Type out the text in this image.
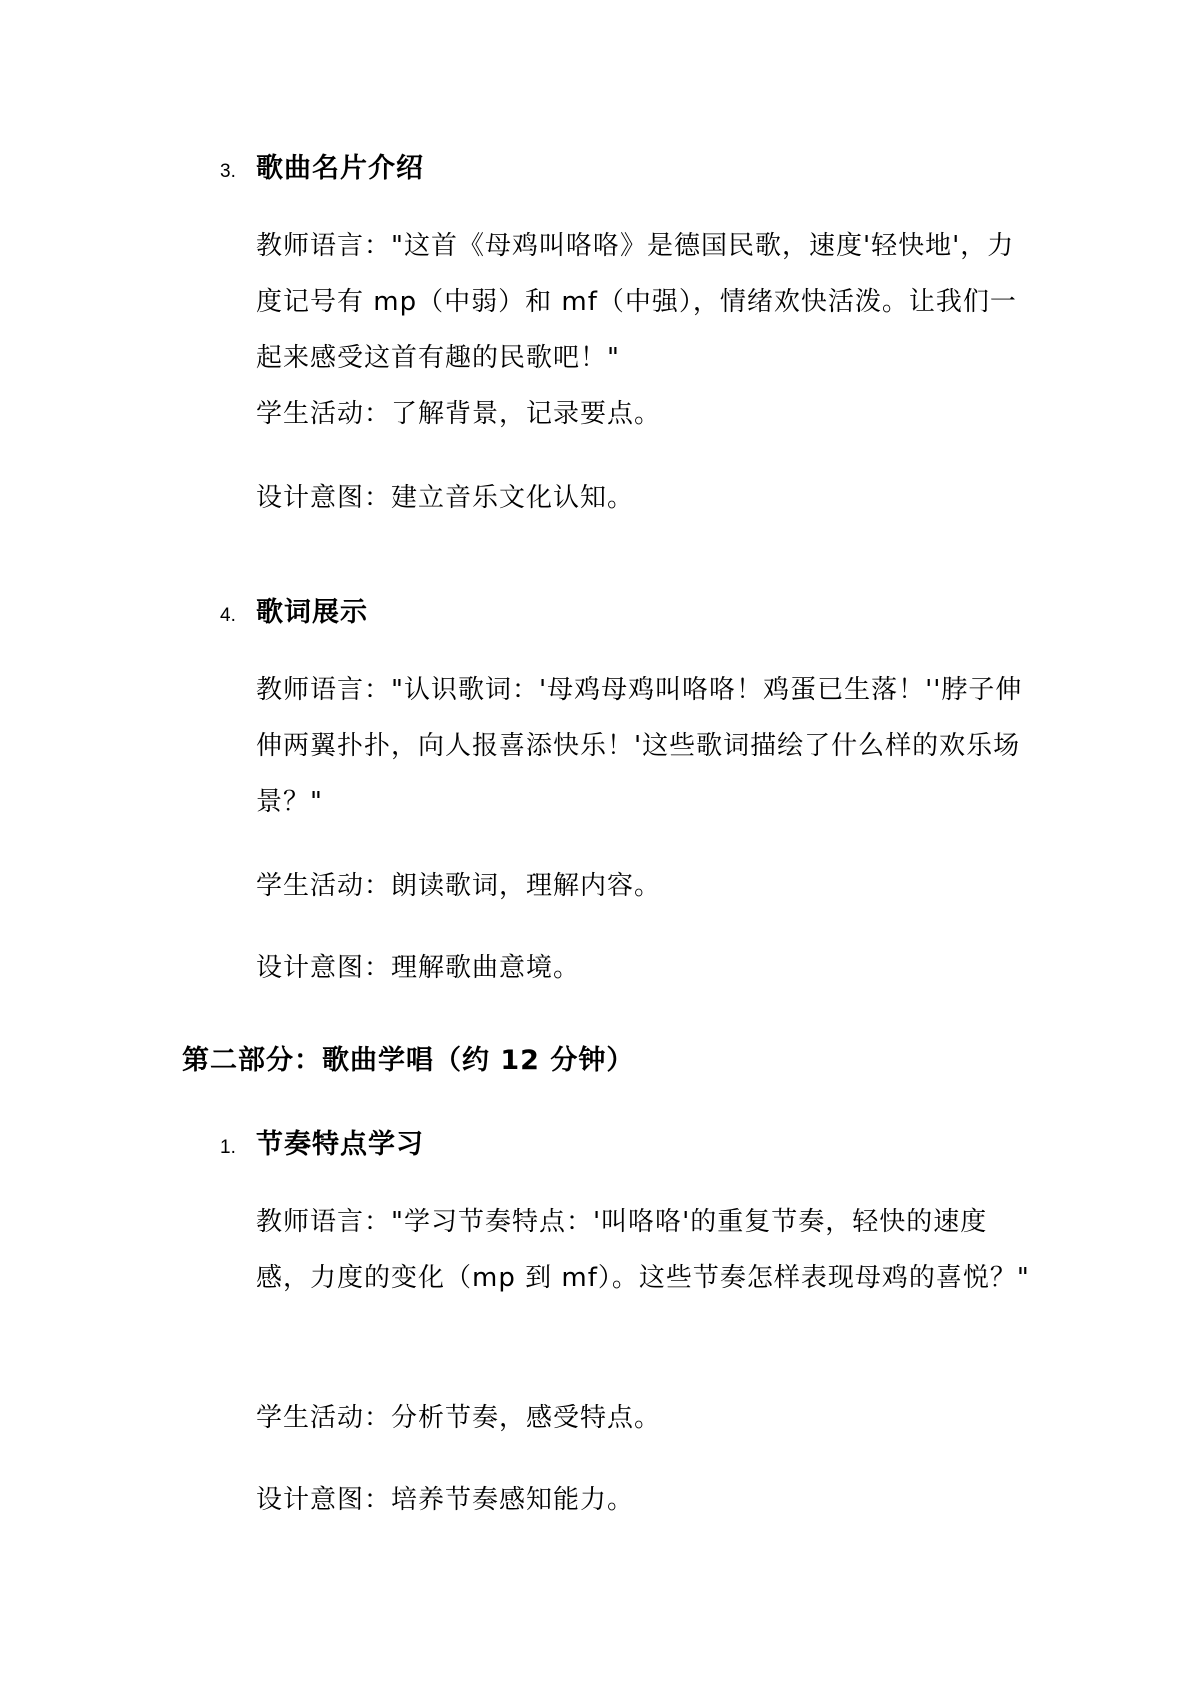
3. 歌曲名片介绍

教师语言："这首《母鸡叫咯咯》是德国民歌，速度'轻快地'，力度记号有 mp（中弱）和 mf（中强），情绪欢快活泼。让我们一起来感受这首有趣的民歌吧！"

学生活动：了解背景，记录要点。

设计意图：建立音乐文化认知。

4. 歌词展示

教师语言："认识歌词：'母鸡母鸡叫咯咯！鸡蛋已生落！''脖子伸伸两翼扑扑，向人报喜添快乐！'这些歌词描绘了什么样的欢乐场景？"

学生活动：朗读歌词，理解内容。

设计意图：理解歌曲意境。

第二部分：歌曲学唱（约 12 分钟）
1. 节奏特点学习

教师语言："学习节奏特点：'叫咯咯'的重复节奏，轻快的速度感，力度的变化（mp 到 mf）。这些节奏怎样表现母鸡的喜悦？"

学生活动：分析节奏，感受特点。

设计意图：培养节奏感知能力。
